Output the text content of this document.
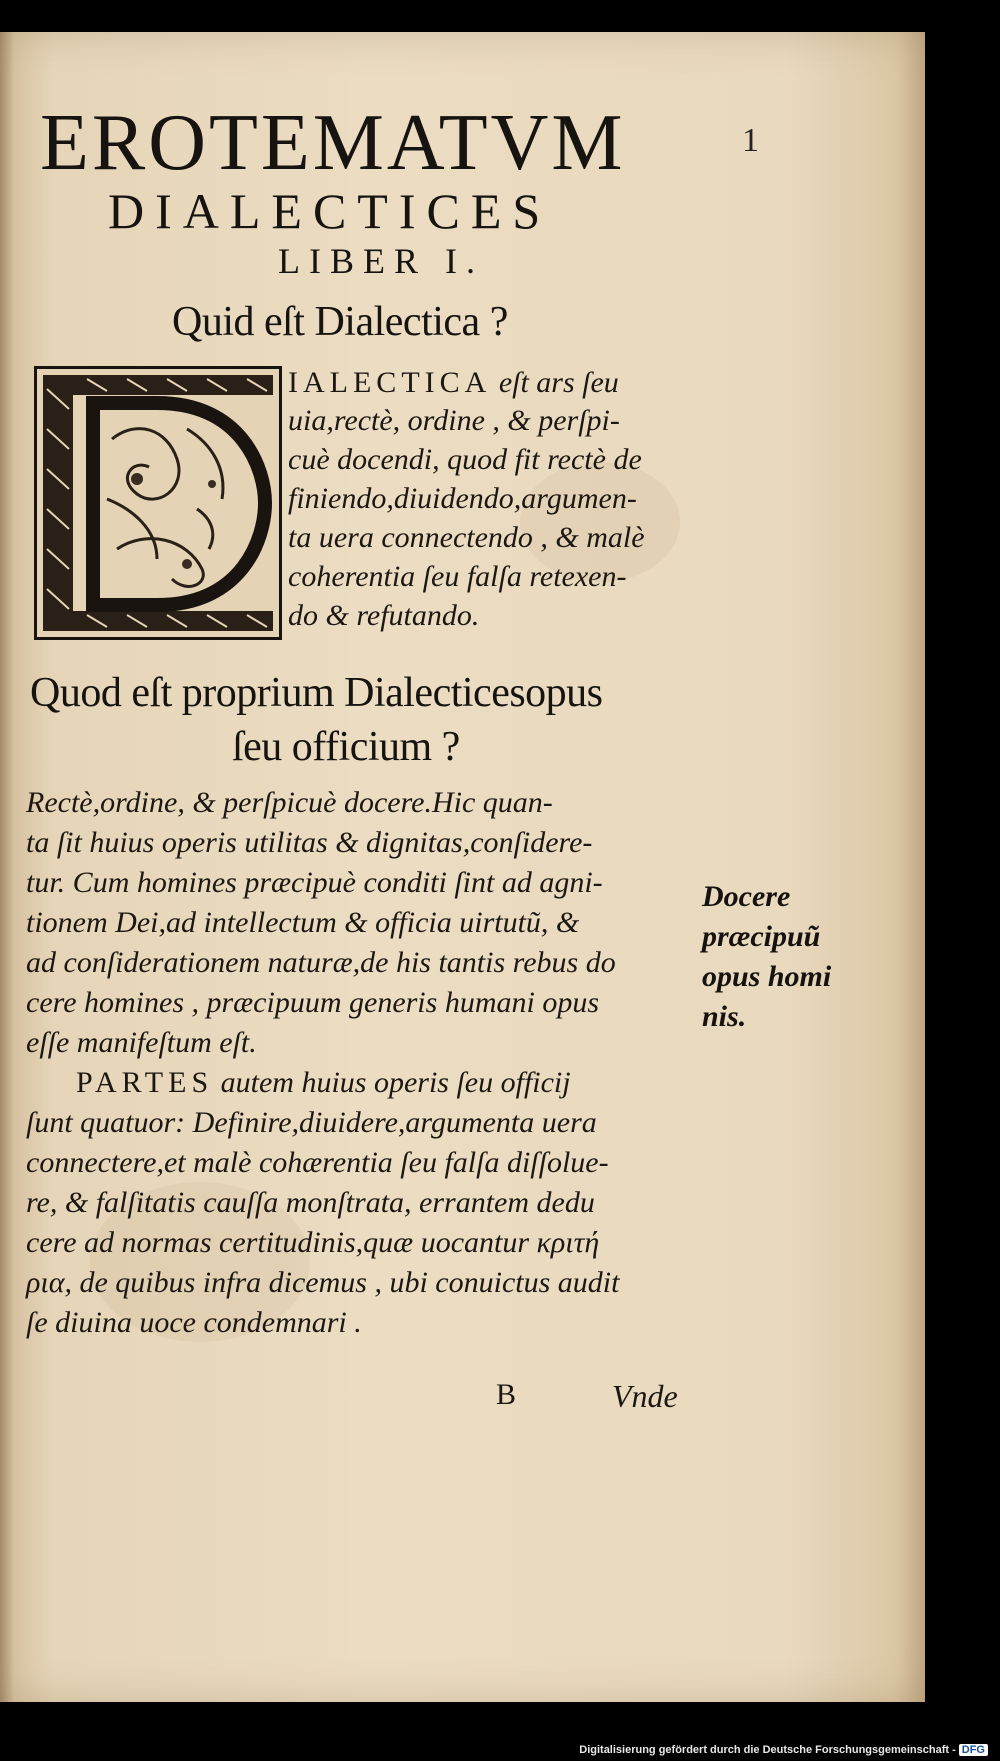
1
EROTEMATVM
DIALECTICES
LIBER I.
Quid eſt Dialectica ?
IALECTICA eſt ars ſeu
uia,rectè, ordine , & perſpi-
cuè docendi, quod fit rectè de
finiendo,diuidendo,argumen-
ta uera connectendo , & malè
coherentia ſeu falſa retexen-
do & refutando.
Quod eſt proprium Dialecticesopus
ſeu officium ?
Rectè,ordine, & perſpicuè docere.Hic quan-
ta ſit huius operis utilitas & dignitas,conſidere-
tur. Cum homines præcipuè conditi ſint ad agni-
tionem Dei,ad intellectum & officia uirtutũ, &
ad conſiderationem naturæ,de his tantis rebus do
cere homines , præcipuum generis humani opus
eſſe manifeſtum eſt.
PARTES autem huius operis ſeu officij
ſunt quatuor: Definire,diuidere,argumenta uera
connectere,et malè cohærentia ſeu falſa diſſolue-
re, & falſitatis cauſſa monſtrata, errantem dedu
cere ad normas certitudinis,quæ uocantur κριτή
ρια, de quibus infra dicemus , ubi conuictus audit
ſe diuina uoce condemnari .
Docere
præcipuũ
opus homi
nis.
B	Vnde
Digitalisierung gefördert durch die Deutsche Forschungsgemeinschaft - DFG
